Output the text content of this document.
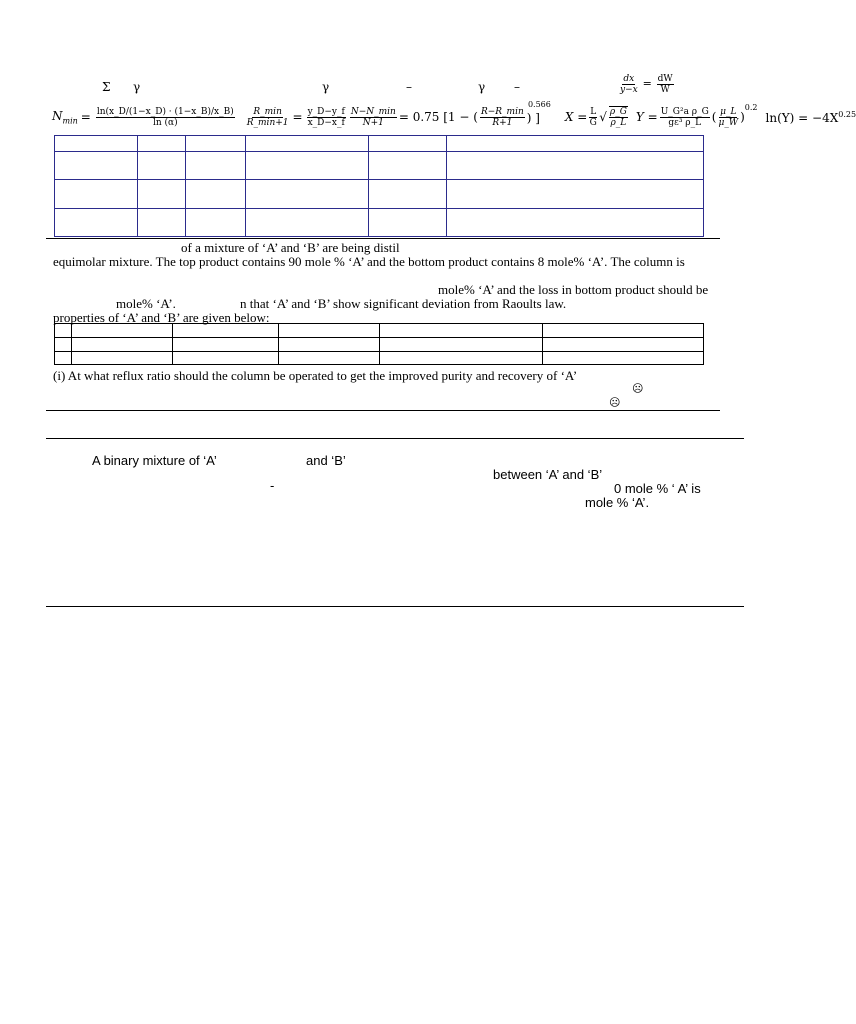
Σ γ	γ	–	γ –	$\frac{dx}{y-x} = \frac{dW}{W}$
$N_{min} = \frac{\ln(x\_D/(1-x\_D) \cdot (1-x\_B)/x\_B)}{\ln (\alpha)} \frac{R\_\min}{R\_\min+1} = \frac{y\_D-y\_f}{x\_D-x\_f} \frac{N-N\_\min}{N+1} = 0.75$ [1 − ( $\frac{R-R\_\min}{R+1}$ ) ]$^{0.566}$
$X = \frac{L}{G}$ √ $\frac{\rho\_G}{\rho\_L}$ $Y = \frac{\text{U\_G²a ρ\_G}}{\text{gε³ ρ\_L}}$ ( $\frac{\mu\_L}{\mu\_W}$ )
$^{0.2}$
$\ln(Y) = -4X^{0.25}$

of a mixture of ‘A’ and ‘B’ are being distil
equimolar mixture. The top product contains 90 mole % ‘A’ and the bottom product contains 8 mole% ‘A’. The column is
mole% ‘A’ and the loss in bottom product should be
mole% ‘A’.	n that ‘A’ and ‘B’ show significant deviation from Raoults law.
properties of ‘A’ and ‘B’ are given below:

(i) At what reflux ratio should the column be operated to get the improved purity and recovery of ‘A’
☹
☹
A binary mixture of ‘A’	and ‘B’
between ‘A’ and ‘B’
-	0 mole % ‘ A’ is
mole % ‘A’.
